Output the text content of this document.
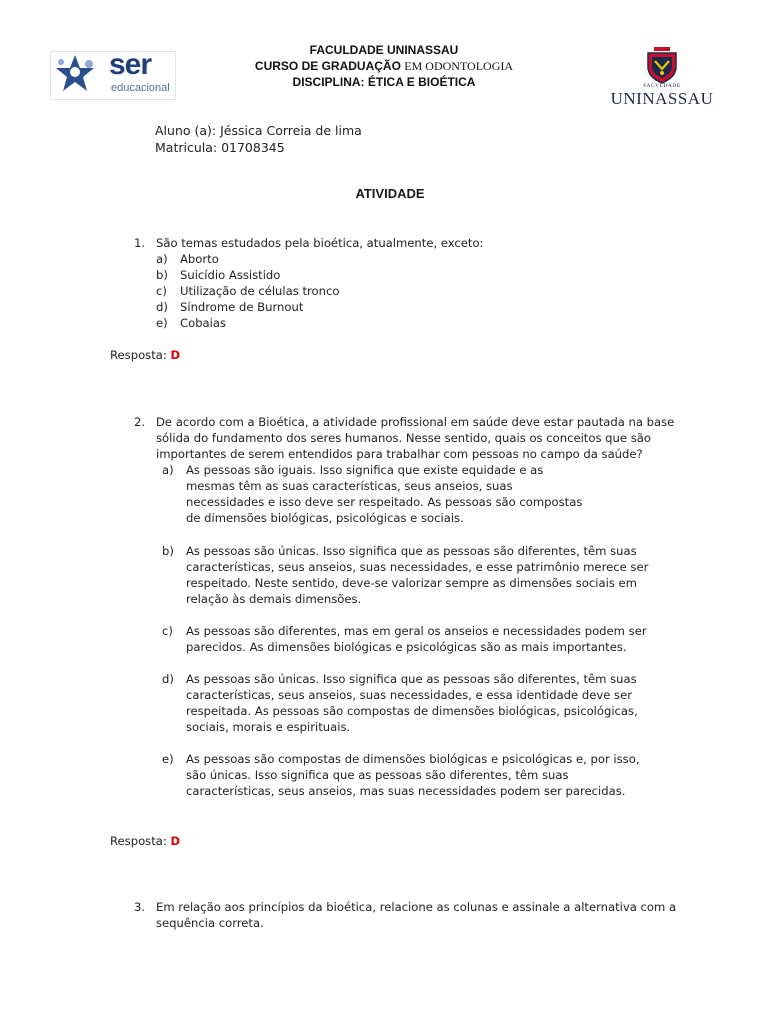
ser
educacional
FACULDADE UNINASSAU
CURSO DE GRADUAÇÃO EM ODONTOLOGIA
DISCIPLINA: ÉTICA E BIOÉTICA	FACVLDADE
UNINASSAU
Aluno (a): Jéssica Correia de lima
Matricula: 01708345
ATIVIDADE
1. São temas estudados pela bioética, atualmente, exceto:
a)	Aborto
b)	Suicídio Assistido
c)	Utilização de células tronco
d)	Síndrome de Burnout
e)	Cobaias
Resposta: D
2. De acordo com a Bioética, a atividade profissional em saúde deve estar pautada na base
sólida do fundamento dos seres humanos. Nesse sentido, quais os conceitos que são
importantes de serem entendidos para trabalhar com pessoas no campo da saúde?
a)	As pessoas são iguais. Isso significa que existe equidade e as
mesmas têm as suas características, seus anseios, suas
necessidades e isso deve ser respeitado. As pessoas são compostas
de dimensões biológicas, psicológicas e sociais.
b)	As pessoas são únicas. Isso significa que as pessoas são diferentes, têm suas
características, seus anseios, suas necessidades, e esse patrimônio merece ser
respeitado. Neste sentido, deve-se valorizar sempre as dimensões sociais em
relação às demais dimensões.
c)	As pessoas são diferentes, mas em geral os anseios e necessidades podem ser
parecidos. As dimensões biológicas e psicológicas são as mais importantes.
d)	As pessoas são únicas. Isso significa que as pessoas são diferentes, têm suas
características, seus anseios, suas necessidades, e essa identidade deve ser
respeitada. As pessoas são compostas de dimensões biológicas, psicológicas,
sociais, morais e espirituais.
e)	As pessoas são compostas de dimensões biológicas e psicológicas e, por isso,
são únicas. Isso significa que as pessoas são diferentes, têm suas
características, seus anseios, mas suas necessidades podem ser parecidas.
Resposta: D
3. Em relação aos princípios da bioética, relacione as colunas e assinale a alternativa com a
sequência correta.
